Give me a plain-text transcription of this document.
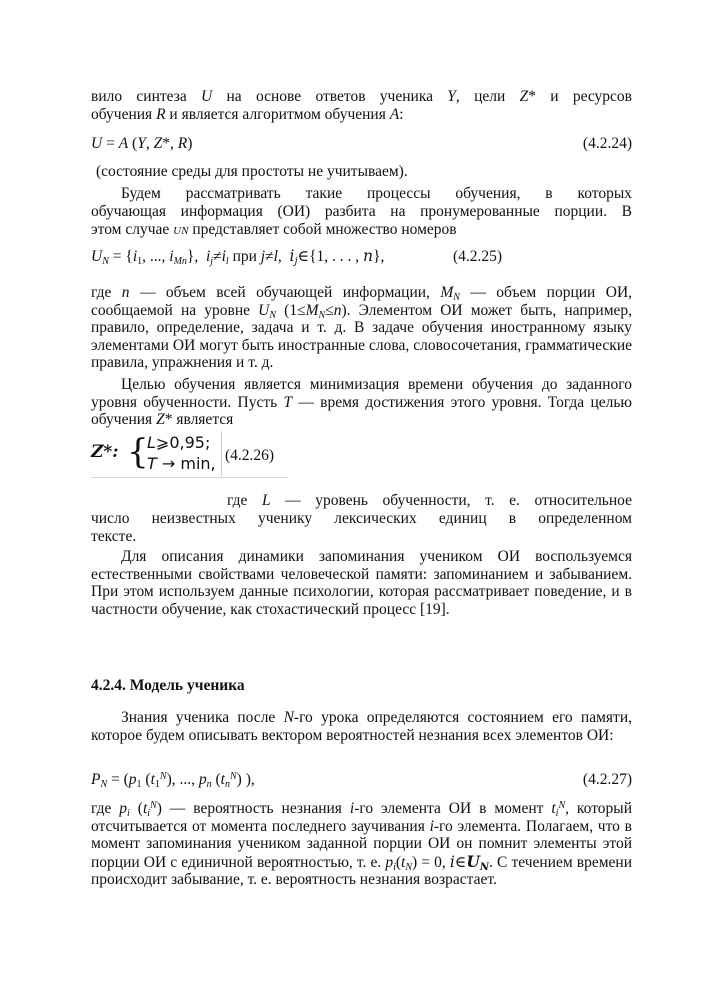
вило синтеза U на основе ответов ученика Y, цели Z* и ресурсов
обучения R и является алгоритмом обучения A:
U = A (Y, Z*, R)	(4.2.24)
(состояние среды для простоты не учитываем).
Будем рассматривать такие процессы обучения, в которых
обучающая информация (ОИ) разбита на пронумерованные порции. В
этом случае UN представляет собой множество номеров
$U_N = \{i_1$, ..., $i_{Mn}$},  $i_j\ne i_l$ при j≠l,  $i_j\in\{1$, . . . , n},	(4.2.25)
где n — объем всей обучающей информации, $M_N$ — объем порции ОИ, сообщаемой на уровне $U_N$ $(1\le M_N\le n)$. Элементом ОИ может быть, например, правило, определение, задача и т. д. В задаче обучения иностранному языку элементами ОИ могут быть иностранные слова, словосочетания, грамматические правила, упражнения и т. д.
Целью обучения является минимизация времени обучения до заданного уровня обученности. Пусть T — время достижения этого уровня. Тогда целью обучения Z* является
Z*: {
L⩾0,95;
T → min, (4.2.26)
где L — уровень обученности, т. е. относительное
число неизвестных ученику лексических единиц в определенном
тексте.
Для описания динамики запоминания учеником ОИ воспользуемся естественными свойствами человеческой памяти: запоминанием и забыванием. При этом используем данные психологии, которая рассматривает поведение, и в частности обучение, как стохастический процесс [19].
4.2.4. Модель ученика
Знания ученика после N-го урока определяются состоянием его памяти, которое будем описывать вектором вероятностей незнания всех элементов ОИ:
$P_N = (p_1$ $(t_1^N)$, ..., $p_n$ $(t_n^N)$ ),	(4.2.27)
где $p_i$ $(t_i^N)$ — вероятность незнания i-го элемента ОИ в момент $t_i^N$, который отсчитывается от момента последнего заучивания i-го элемента. Полагаем, что в момент запоминания учеником заданной порции ОИ он помнит элементы этой порции ОИ с единичной вероятностью, т. е. $p_i(t_N) = 0$, $i\in U_N$. С течением времени происходит забывание, т. е. вероятность незнания возрастает.
